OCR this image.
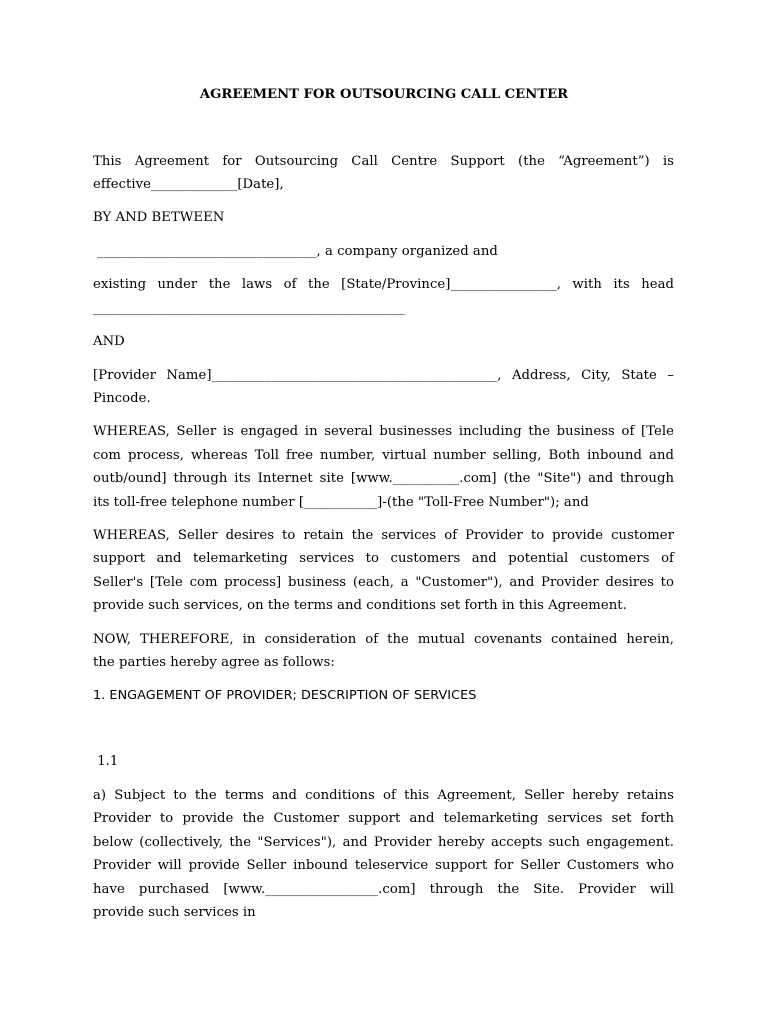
AGREEMENT FOR OUTSOURCING CALL CENTER
This Agreement for Outsourcing Call Centre Support (the “Agreement”) is
effective_____________[Date],
BY AND BETWEEN
_________________________________, a company organized and
existing under the laws of the [State/Province]________________, with its head
_______________________________________________
AND
[Provider Name]___________________________________________, Address, City, State –
Pincode.
WHEREAS, Seller is engaged in several businesses including the business of [Tele
com process, whereas Toll free number, virtual number selling, Both inbound and
outb/ound] through its Internet site [www.__________.com] (the "Site") and through
its toll-free telephone number [___________]-(the "Toll-Free Number"); and
WHEREAS, Seller desires to retain the services of Provider to provide customer
support and telemarketing services to customers and potential customers of
Seller's [Tele com process] business (each, a "Customer"), and Provider desires to
provide such services, on the terms and conditions set forth in this Agreement.
NOW, THEREFORE, in consideration of the mutual covenants contained herein,
the parties hereby agree as follows:
1. ENGAGEMENT OF PROVIDER; DESCRIPTION OF SERVICES
1.1
a) Subject to the terms and conditions of this Agreement, Seller hereby retains
Provider to provide the Customer support and telemarketing services set forth
below (collectively, the "Services"), and Provider hereby accepts such engagement.
Provider will provide Seller inbound teleservice support for Seller Customers who
have purchased [www._________________.com] through the Site. Provider will
provide such services in
